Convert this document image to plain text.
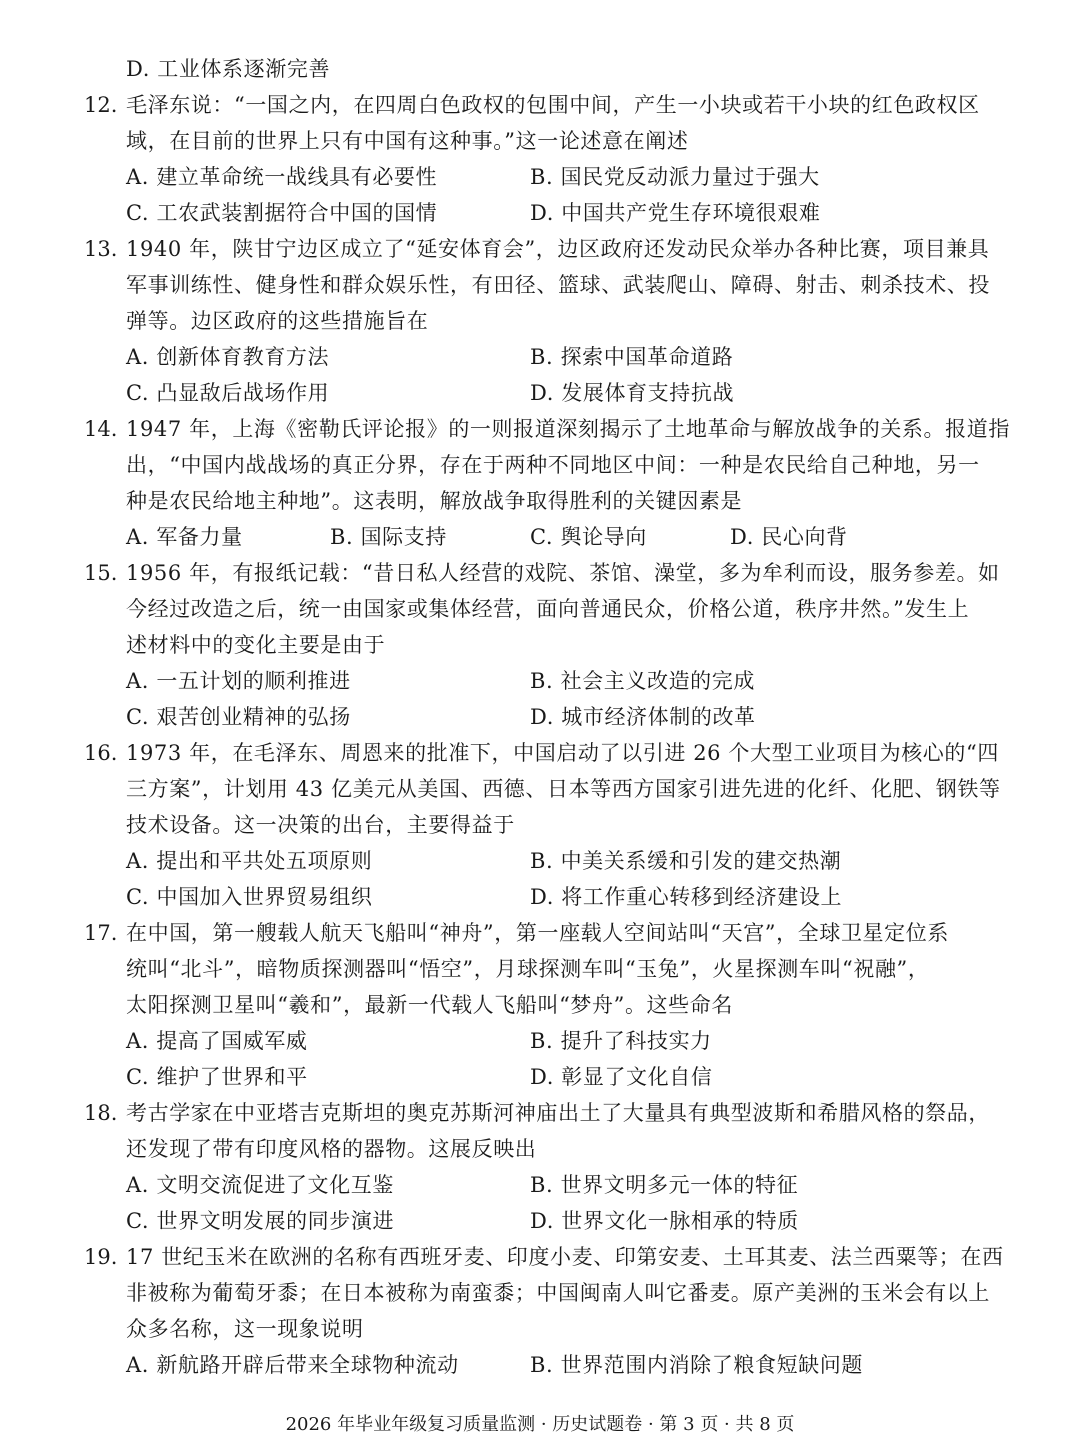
D. 工业体系逐渐完善
12. 毛泽东说：“一国之内，在四周白色政权的包围中间，产生一小块或若干小块的红色政权区
域，在目前的世界上只有中国有这种事。”这一论述意在阐述
A. 建立革命统一战线具有必要性	B. 国民党反动派力量过于强大
C. 工农武装割据符合中国的国情	D. 中国共产党生存环境很艰难
13. 1940 年，陕甘宁边区成立了“延安体育会”，边区政府还发动民众举办各种比赛，项目兼具
军事训练性、健身性和群众娱乐性，有田径、篮球、武装爬山、障碍、射击、刺杀技术、投
弹等。边区政府的这些措施旨在
A. 创新体育教育方法	B. 探索中国革命道路
C. 凸显敌后战场作用	D. 发展体育支持抗战
14. 1947 年，上海《密勒氏评论报》的一则报道深刻揭示了土地革命与解放战争的关系。报道指
出，“中国内战战场的真正分界，存在于两种不同地区中间：一种是农民给自己种地，另一
种是农民给地主种地”。这表明，解放战争取得胜利的关键因素是
A. 军备力量	B. 国际支持	C. 舆论导向	D. 民心向背
15. 1956 年，有报纸记载：“昔日私人经营的戏院、茶馆、澡堂，多为牟利而设，服务参差。如
今经过改造之后，统一由国家或集体经营，面向普通民众，价格公道，秩序井然。”发生上
述材料中的变化主要是由于
A. 一五计划的顺利推进	B. 社会主义改造的完成
C. 艰苦创业精神的弘扬	D. 城市经济体制的改革
16. 1973 年，在毛泽东、周恩来的批准下，中国启动了以引进 26 个大型工业项目为核心的“四
三方案”，计划用 43 亿美元从美国、西德、日本等西方国家引进先进的化纤、化肥、钢铁等
技术设备。这一决策的出台，主要得益于
A. 提出和平共处五项原则	B. 中美关系缓和引发的建交热潮
C. 中国加入世界贸易组织	D. 将工作重心转移到经济建设上
17. 在中国，第一艘载人航天飞船叫“神舟”，第一座载人空间站叫“天宫”，全球卫星定位系
统叫“北斗”，暗物质探测器叫“悟空”，月球探测车叫“玉兔”，火星探测车叫“祝融”，
太阳探测卫星叫“羲和”，最新一代载人飞船叫“梦舟”。这些命名
A. 提高了国威军威	B. 提升了科技实力
C. 维护了世界和平	D. 彰显了文化自信
18. 考古学家在中亚塔吉克斯坦的奥克苏斯河神庙出土了大量具有典型波斯和希腊风格的祭品，
还发现了带有印度风格的器物。这展反映出
A. 文明交流促进了文化互鉴	B. 世界文明多元一体的特征
C. 世界文明发展的同步演进	D. 世界文化一脉相承的特质
19. 17 世纪玉米在欧洲的名称有西班牙麦、印度小麦、印第安麦、土耳其麦、法兰西粟等；在西
非被称为葡萄牙黍；在日本被称为南蛮黍；中国闽南人叫它番麦。原产美洲的玉米会有以上
众多名称，这一现象说明
A. 新航路开辟后带来全球物种流动	B. 世界范围内消除了粮食短缺问题
2026 年毕业年级复习质量监测 · 历史试题卷 · 第 3 页 · 共 8 页
